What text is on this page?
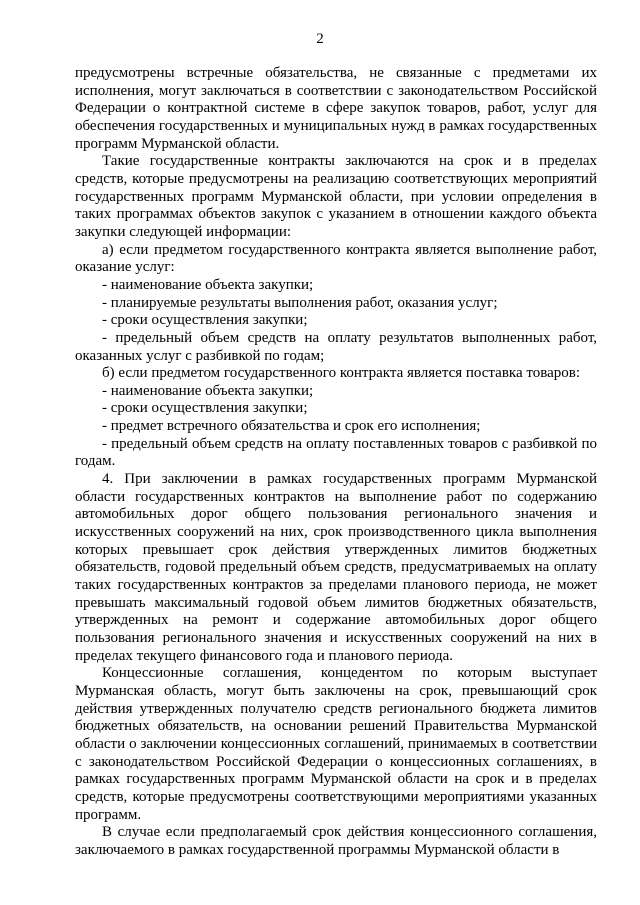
2

предусмотрены встречные обязательства, не связанные с предметами их исполнения, могут заключаться в соответствии с законодательством Российской Федерации о контрактной системе в сфере закупок товаров, работ, услуг для обеспечения государственных и муниципальных нужд в рамках государственных программ Мурманской области.

Такие государственные контракты заключаются на срок и в пределах средств, которые предусмотрены на реализацию соответствующих мероприятий государственных программ Мурманской области, при условии определения в таких программах объектов закупок с указанием в отношении каждого объекта закупки следующей информации:

а) если предметом государственного контракта является выполнение работ, оказание услуг:

- наименование объекта закупки;

- планируемые результаты выполнения работ, оказания услуг;

- сроки осуществления закупки;

- предельный объем средств на оплату результатов выполненных работ, оказанных услуг с разбивкой по годам;

б) если предметом государственного контракта является поставка товаров:

- наименование объекта закупки;

- сроки осуществления закупки;

- предмет встречного обязательства и срок его исполнения;

- предельный объем средств на оплату поставленных товаров с разбивкой по годам.

4. При заключении в рамках государственных программ Мурманской области государственных контрактов на выполнение работ по содержанию автомобильных дорог общего пользования регионального значения и искусственных сооружений на них, срок производственного цикла выполнения которых превышает срок действия утвержденных лимитов бюджетных обязательств, годовой предельный объем средств, предусматриваемых на оплату таких государственных контрактов за пределами планового периода, не может превышать максимальный годовой объем лимитов бюджетных обязательств, утвержденных на ремонт и содержание автомобильных дорог общего пользования регионального значения и искусственных сооружений на них в пределах текущего финансового года и планового периода.

Концессионные соглашения, концедентом по которым выступает Мурманская область, могут быть заключены на срок, превышающий срок действия утвержденных получателю средств регионального бюджета лимитов бюджетных обязательств, на основании решений Правительства Мурманской области о заключении концессионных соглашений, принимаемых в соответствии с законодательством Российской Федерации о концессионных соглашениях, в рамках государственных программ Мурманской области на срок и в пределах средств, которые предусмотрены соответствующими мероприятиями указанных программ.

В случае если предполагаемый срок действия концессионного соглашения, заключаемого в рамках государственной программы Мурманской области в
